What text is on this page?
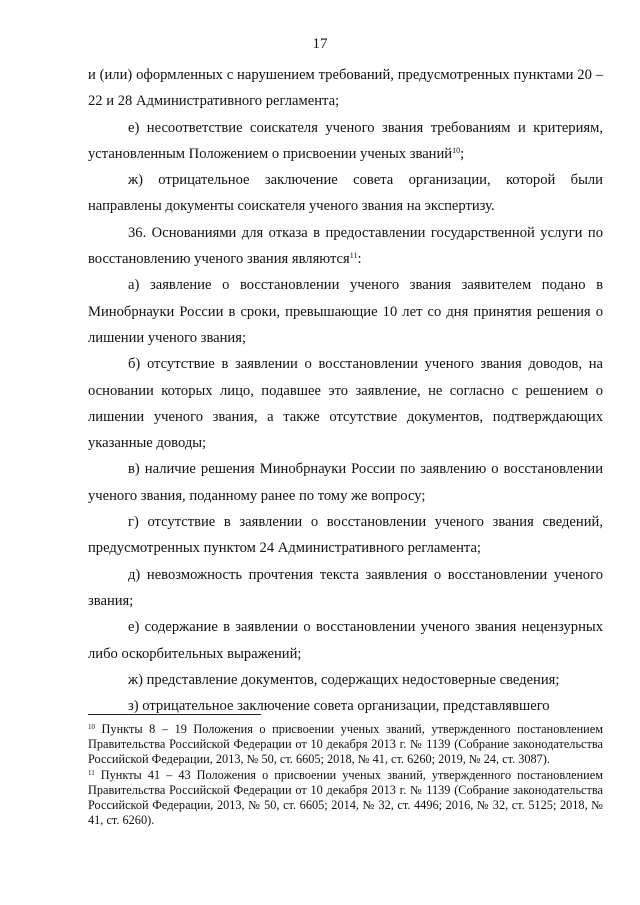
17

и (или) оформленных с нарушением требований, предусмотренных пунктами 20 – 22 и 28 Административного регламента;

е) несоответствие соискателя ученого звания требованиям и критериям, установленным Положением о присвоении ученых званий$^{10}$;

ж) отрицательное заключение совета организации, которой были направлены документы соискателя ученого звания на экспертизу.

36. Основаниями для отказа в предоставлении государственной услуги по восстановлению ученого звания являются$^{11}$:

а) заявление о восстановлении ученого звания заявителем подано в Минобрнауки России в сроки, превышающие 10 лет со дня принятия решения о лишении ученого звания;

б) отсутствие в заявлении о восстановлении ученого звания доводов, на основании которых лицо, подавшее это заявление, не согласно с решением о лишении ученого звания, а также отсутствие документов, подтверждающих указанные доводы;

в) наличие решения Минобрнауки России по заявлению о восстановлении ученого звания, поданному ранее по тому же вопросу;

г) отсутствие в заявлении о восстановлении ученого звания сведений, предусмотренных пунктом 24 Административного регламента;

д) невозможность прочтения текста заявления о восстановлении ученого звания;

е) содержание в заявлении о восстановлении ученого звания нецензурных либо оскорбительных выражений;

ж) представление документов, содержащих недостоверные сведения;

з) отрицательное заключение совета организации, представлявшего

$^{10}$ Пункты 8 – 19 Положения о присвоении ученых званий, утвержденного постановлением Правительства Российской Федерации от 10 декабря 2013 г. № 1139 (Собрание законодательства Российской Федерации, 2013, № 50, ст. 6605; 2018, № 41, ст. 6260; 2019, № 24, ст. 3087).

$^{11}$ Пункты 41 – 43 Положения о присвоении ученых званий, утвержденного постановлением Правительства Российской Федерации от 10 декабря 2013 г. № 1139 (Собрание законодательства Российской Федерации, 2013, № 50, ст. 6605; 2014, № 32, ст. 4496; 2016, № 32, ст. 5125; 2018, № 41, ст. 6260).
